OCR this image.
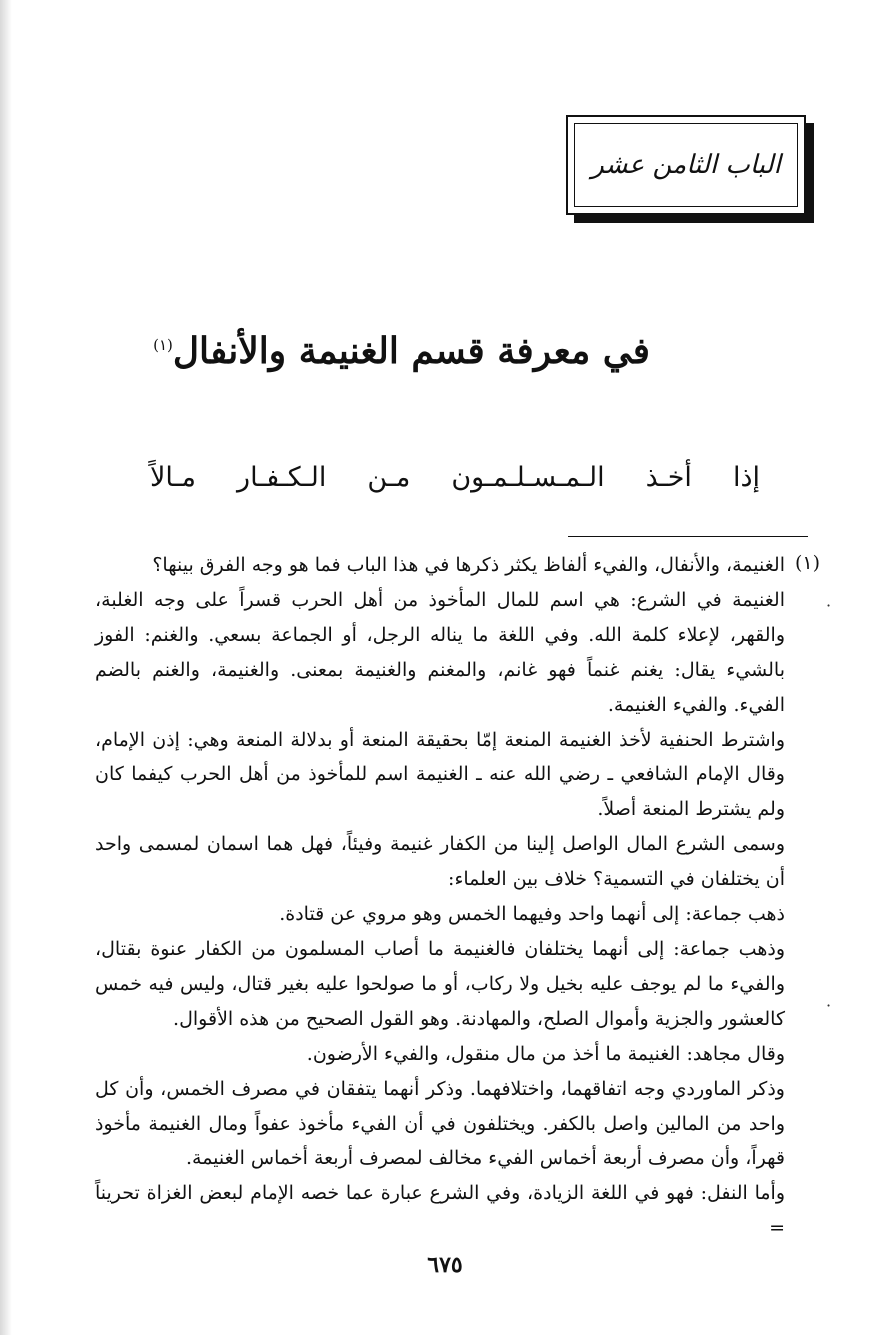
الباب الثامن عشر
في معرفة قسم الغنيمة والأنفال$^{(١)}$
إذا أخـذ الـمـسـلـمـون مـن الـكـفـار مـالاً
(١)

الغنيمة، والأنفال، والفيء ألفاظ يكثر ذكرها في هذا الباب فما هو وجه الفرق بينها؟

الغنيمة في الشرع: هي اسم للمال المأخوذ من أهل الحرب قسراً على وجه الغلبة، والقهر، لإعلاء كلمة الله. وفي اللغة ما يناله الرجل، أو الجماعة بسعي. والغنم: الفوز بالشيء يقال: يغنم غنماً فهو غانم، والمغنم والغنيمة بمعنى. والغنيمة، والغنم بالضم الفيء. والفيء الغنيمة.

واشترط الحنفية لأخذ الغنيمة المنعة إمّا بحقيقة المنعة أو بدلالة المنعة وهي: إذن الإمام، وقال الإمام الشافعي ـ رضي الله عنه ـ الغنيمة اسم للمأخوذ من أهل الحرب كيفما كان ولم يشترط المنعة أصلاً.

وسمى الشرع المال الواصل إلينا من الكفار غنيمة وفيئاً، فهل هما اسمان لمسمى واحد أن يختلفان في التسمية؟ خلاف بين العلماء:

ذهب جماعة: إلى أنهما واحد وفيهما الخمس وهو مروي عن قتادة.

وذهب جماعة: إلى أنهما يختلفان فالغنيمة ما أصاب المسلمون من الكفار عنوة بقتال، والفيء ما لم يوجف عليه بخيل ولا ركاب، أو ما صولحوا عليه بغير قتال، وليس فيه خمس كالعشور والجزية وأموال الصلح، والمهادنة. وهو القول الصحيح من هذه الأقوال.

وقال مجاهد: الغنيمة ما أخذ من مال منقول، والفيء الأرضون.

وذكر الماوردي وجه اتفاقهما، واختلافهما. وذكر أنهما يتفقان في مصرف الخمس، وأن كل واحد من المالين واصل بالكفر. ويختلفون في أن الفيء مأخوذ عفواً ومال الغنيمة مأخوذ قهراً، وأن مصرف أربعة أخماس الفيء مخالف لمصرف أربعة أخماس الغنيمة.

وأما النفل: فهو في اللغة الزيادة، وفي الشرع عبارة عما خصه الإمام لبعض الغزاة تحريناً =

·
·
٦٧٥
